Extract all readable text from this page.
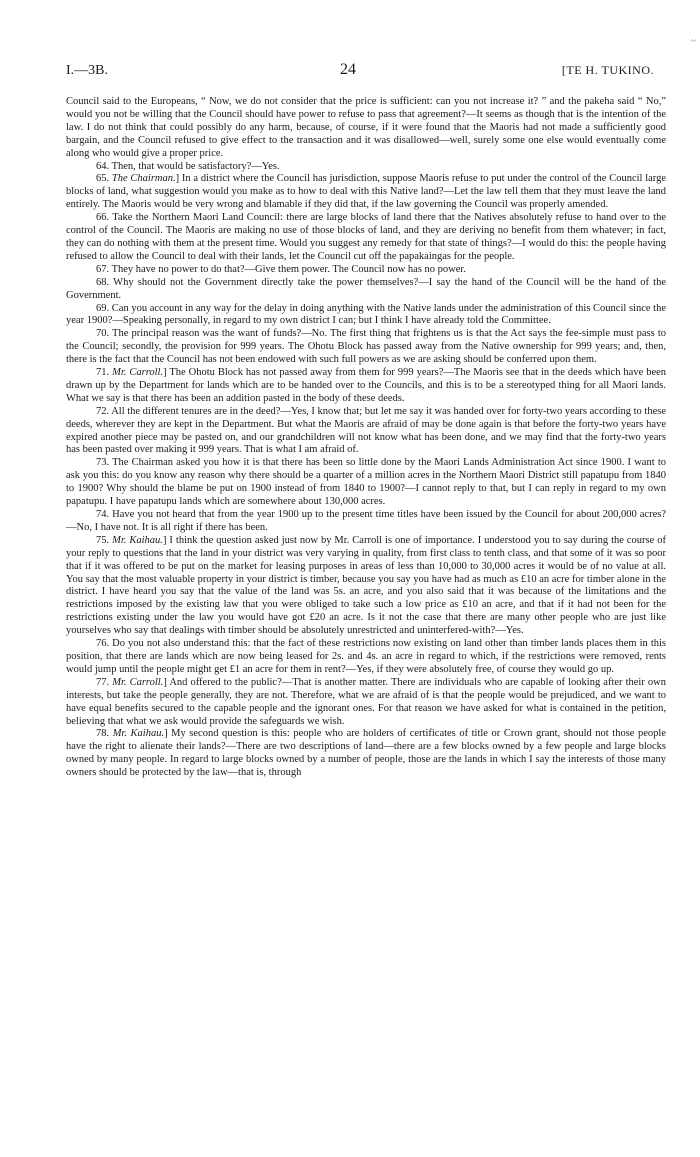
~
I.—3B.	24	[TE H. TUKINO.

Council said to the Europeans, “ Now, we do not consider that the price is sufficient: can you not increase it? ” and the pakeha said “ No,” would you not be willing that the Council should have power to refuse to pass that agreement?—It seems as though that is the intention of the law. I do not think that could possibly do any harm, because, of course, if it were found that the Maoris had not made a sufficiently good bargain, and the Council refused to give effect to the transaction and it was disallowed—well, surely some one else would eventually come along who would give a proper price.

64. Then, that would be satisfactory?—Yes.

65. The Chairman.] In a district where the Council has jurisdiction, suppose Maoris refuse to put under the control of the Council large blocks of land, what suggestion would you make as to how to deal with this Native land?—Let the law tell them that they must leave the land entirely. The Maoris would be very wrong and blamable if they did that, if the law governing the Council was properly amended.

66. Take the Northern Maori Land Council: there are large blocks of land there that the Natives absolutely refuse to hand over to the control of the Council. The Maoris are making no use of those blocks of land, and they are deriving no benefit from them whatever; in fact, they can do nothing with them at the present time. Would you suggest any remedy for that state of things?—I would do this: the people having refused to allow the Council to deal with their lands, let the Council cut off the papakaingas for the people.

67. They have no power to do that?—Give them power. The Council now has no power.

68. Why should not the Government directly take the power themselves?—I say the hand of the Council will be the hand of the Government.

69. Can you account in any way for the delay in doing anything with the Native lands under the administration of this Council since the year 1900?—Speaking personally, in regard to my own district I can; but I think I have already told the Committee.

70. The principal reason was the want of funds?—No. The first thing that frightens us is that the Act says the fee-simple must pass to the Council; secondly, the provision for 999 years. The Ohotu Block has passed away from the Native ownership for 999 years; and, then, there is the fact that the Council has not been endowed with such full powers as we are asking should be conferred upon them.

71. Mr. Carroll.] The Ohotu Block has not passed away from them for 999 years?—The Maoris see that in the deeds which have been drawn up by the Department for lands which are to be handed over to the Councils, and this is to be a stereotyped thing for all Maori lands. What we say is that there has been an addition pasted in the body of these deeds.

72. All the different tenures are in the deed?—Yes, I know that; but let me say it was handed over for forty-two years according to these deeds, wherever they are kept in the Department. But what the Maoris are afraid of may be done again is that before the forty-two years have expired another piece may be pasted on, and our grandchildren will not know what has been done, and we may find that the forty-two years has been pasted over making it 999 years. That is what I am afraid of.

73. The Chairman asked you how it is that there has been so little done by the Maori Lands Administration Act since 1900. I want to ask you this: do you know any reason why there should be a quarter of a million acres in the Northern Maori District still papatupu from 1840 to 1900? Why should the blame be put on 1900 instead of from 1840 to 1900?—I cannot reply to that, but I can reply in regard to my own papatupu. I have papatupu lands which are somewhere about 130,000 acres.

74. Have you not heard that from the year 1900 up to the present time titles have been issued by the Council for about 200,000 acres?—No, I have not. It is all right if there has been.

75. Mr. Kaihau.] I think the question asked just now by Mr. Carroll is one of importance. I understood you to say during the course of your reply to questions that the land in your district was very varying in quality, from first class to tenth class, and that some of it was so poor that if it was offered to be put on the market for leasing purposes in areas of less than 10,000 to 30,000 acres it would be of no value at all. You say that the most valuable property in your district is timber, because you say you have had as much as £10 an acre for timber alone in the district. I have heard you say that the value of the land was 5s. an acre, and you also said that it was because of the limitations and the restrictions imposed by the existing law that you were obliged to take such a low price as £10 an acre, and that if it had not been for the restrictions existing under the law you would have got £20 an acre. Is it not the case that there are many other people who are just like yourselves who say that dealings with timber should be absolutely unrestricted and uninterfered-with?—Yes.

76. Do you not also understand this: that the fact of these restrictions now existing on land other than timber lands places them in this position, that there are lands which are now being leased for 2s. and 4s. an acre in regard to which, if the restrictions were removed, rents would jump until the people might get £1 an acre for them in rent?—Yes, if they were absolutely free, of course they would go up.

77. Mr. Carroll.] And offered to the public?—That is another matter. There are individuals who are capable of looking after their own interests, but take the people generally, they are not. Therefore, what we are afraid of is that the people would be prejudiced, and we want to have equal benefits secured to the capable people and the ignorant ones. For that reason we have asked for what is contained in the petition, believing that what we ask would provide the safeguards we wish.

78. Mr. Kaihau.] My second question is this: people who are holders of certificates of title or Crown grant, should not those people have the right to alienate their lands?—There are two descriptions of land—there are a few blocks owned by a few people and large blocks owned by many people. In regard to large blocks owned by a number of people, those are the lands in which I say the interests of those many owners should be protected by the law—that is, through
